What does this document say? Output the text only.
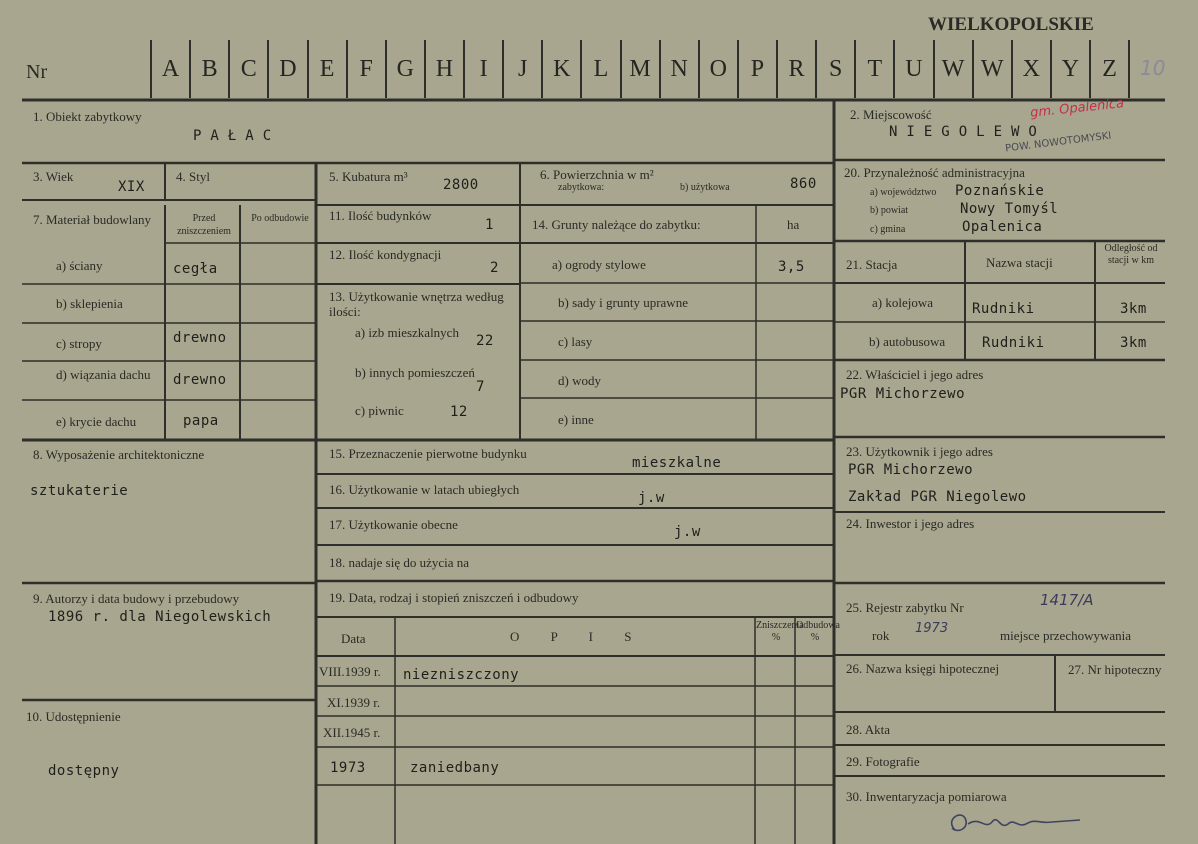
WIELKOPOLSKIE
Nr	A B C D E	F G H	I	J	K L M N O P	R	S	T U W W X Y Z	10
1. Obiekt zabytkowy
PAŁAC
2. Miejscowość	gm. Opalenica
NIEGOLEWO
POW. NOWOTOMYSKI
3. Wiek
XIX
4. Styl	5. Kubatura m³
2800
6. Powierzchnia w m²
zabytkowa:	b) użytkowa	860
7. Materiał budowlany	Przed zniszczeniem
Po odbudowie
a) ściany	cegła
b) sklepienia
c) stropy	drewno
d) wiązania dachu	drewno
e) krycie dachu	papa
8. Wyposażenie architektoniczne
sztukaterie
9. Autorzy i data budowy i przebudowy
1896 r. dla Niegolewskich
10. Udostępnienie
dostępny
11. Ilość budynków
1
12. Ilość kondygnacji
2
13. Użytkowanie wnętrza według ilości:
a) izb mieszkalnych
22
b) innych pomieszczeń
7
c) piwnic	12
14. Grunty należące do zabytku:	ha
a) ogrody stylowe	3,5
b) sady i grunty uprawne
c) lasy
d) wody
e) inne
15. Przeznaczenie pierwotne budynku
mieszkalne
16. Użytkowanie w latach ubiegłych
j.w
17. Użytkowanie obecne	j.w
18. nadaje się do użycia na
19. Data, rodzaj i stopień zniszczeń i odbudowy
Data	O P I S
Zniszczenia %
Odbudowa %
VIII.1939 r. niezniszczony
XI.1939 r.
XII.1945 r.
1973	zaniedbany
20. Przynależność administracyjna
a) województwo Poznańskie
b) powiat	Nowy Tomyśl
c) gmina	Opalenica
21. Stacja	Nazwa stacji
Odległość od stacji w km
a) kolejowa	Rudniki	3km
b) autobusowa	Rudniki	3km
22. Właściciel i jego adres
PGR Michorzewo
23. Użytkownik i jego adres
PGR Michorzewo
Zakład PGR Niegolewo
24. Inwestor i jego adres
25. Rejestr zabytku Nr	1417/A
rok 1973	miejsce przechowywania
26. Nazwa księgi hipotecznej	27. Nr hipoteczny
28. Akta
29. Fotografie
30. Inwentaryzacja pomiarowa
